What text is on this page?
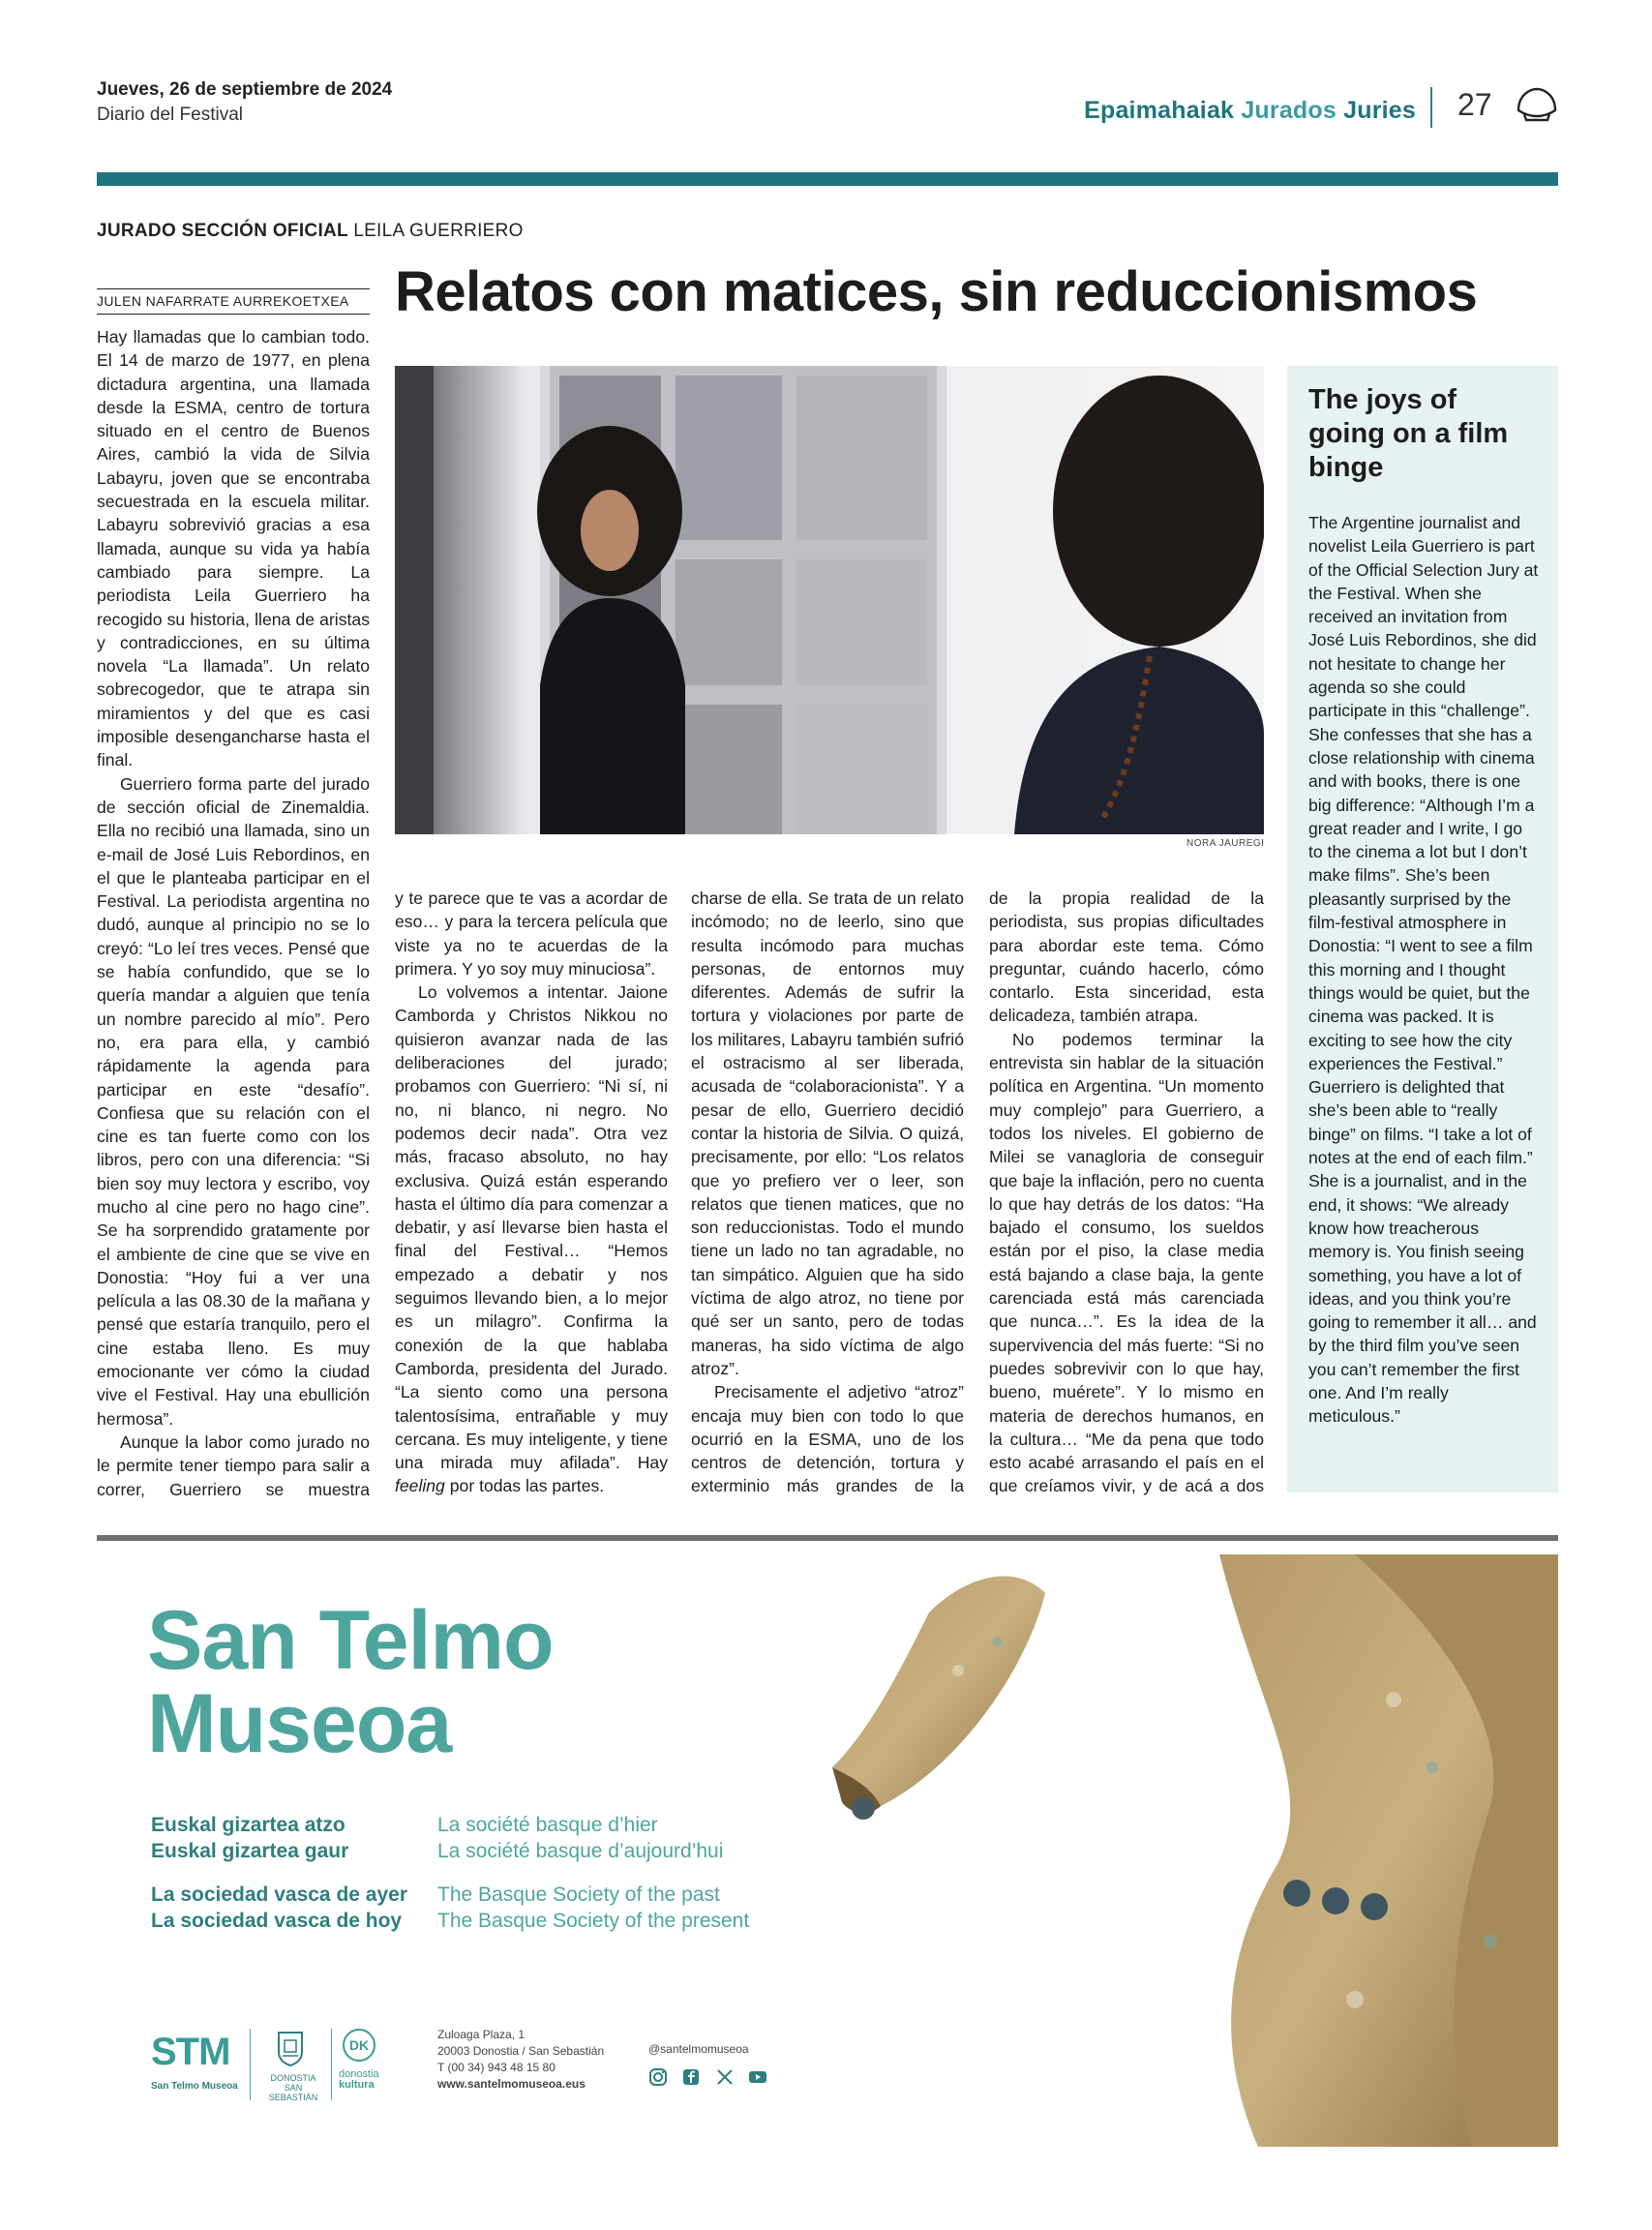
Jueves, 26 de septiembre de 2024
Diario del Festival	Epaimahaiak Jurados Juries 27
JURADO SECCIÓN OFICIAL LEILA GUERRIERO
JULEN NAFARRATE AURREKOETXEA Relatos con matices, sin reduccionismos
NORA JAUREGI

Hay llamadas que lo cambian todo. El 14 de marzo de 1977, en plena dictadura argentina, una llamada desde la ESMA, centro de tortura situado en el centro de Buenos Aires, cambió la vida de Silvia Labayru, joven que se encontraba secuestrada en la escuela militar. Labayru sobrevivió gracias a esa llamada, aunque su vida ya había cambiado para siempre. La periodista Leila Guerriero ha recogido su historia, llena de aristas y contradicciones, en su última novela “La llamada”. Un relato sobrecogedor, que te atrapa sin miramientos y del que es casi imposible desengancharse hasta el final.

Guerriero forma parte del jurado de sección oficial de Zinemaldia. Ella no recibió una llamada, sino un e-mail de José Luis Rebordinos, en el que le planteaba participar en el Festival. La periodista argentina no dudó, aunque al principio no se lo creyó: “Lo leí tres veces. Pensé que se había confundido, que se lo quería mandar a alguien que tenía un nombre parecido al mío”. Pero no, era para ella, y cambió rápidamente la agenda para participar en este “desafío”. Confiesa que su relación con el cine es tan fuerte como con los libros, pero con una diferencia: “Si bien soy muy lectora y escribo, voy mucho al cine pero no hago cine”. Se ha sorprendido gratamente por el ambiente de cine que se vive en Donostia: “Hoy fui a ver una película a las 08.30 de la mañana y pensé que estaría tranquilo, pero el cine estaba lleno. Es muy emocionante ver cómo la ciudad vive el Festival. Hay una ebullición hermosa”.

Aunque la labor como jurado no le permite tener tiempo para salir a correr, Guerriero se muestra

y te parece que te vas a acordar de eso… y para la tercera película que viste ya no te acuerdas de la primera. Y yo soy muy minuciosa”.

Lo volvemos a intentar. Jaione Camborda y Christos Nikkou no quisieron avanzar nada de las deliberaciones del jurado; probamos con Guerriero: “Ni sí, ni no, ni blanco, ni negro. No podemos decir nada”. Otra vez más, fracaso absoluto, no hay exclusiva. Quizá están esperando hasta el último día para comenzar a debatir, y así llevarse bien hasta el final del Festival… “Hemos empezado a debatir y nos seguimos llevando bien, a lo mejor es un milagro”. Confirma la conexión de la que hablaba Camborda, presidenta del Jurado. “La siento como una persona talentosísima, entrañable y muy cercana. Es muy inteligente, y tiene una mirada muy afilada”. Hay feeling por todas las partes.

charse de ella. Se trata de un relato incómodo; no de leerlo, sino que resulta incómodo para muchas personas, de entornos muy diferentes. Además de sufrir la tortura y violaciones por parte de los militares, Labayru también sufrió el ostracismo al ser liberada, acusada de “colaboracionista”. Y a pesar de ello, Guerriero decidió contar la historia de Silvia. O quizá, precisamente, por ello: “Los relatos que yo prefiero ver o leer, son relatos que tienen matices, que no son reduccionistas. Todo el mundo tiene un lado no tan agradable, no tan simpático. Alguien que ha sido víctima de algo atroz, no tiene por qué ser un santo, pero de todas maneras, ha sido víctima de algo atroz”.

Precisamente el adjetivo “atroz” encaja muy bien con todo lo que ocurrió en la ESMA, uno de los centros de detención, tortura y exterminio más grandes de la

de la propia realidad de la periodista, sus propias dificultades para abordar este tema. Cómo preguntar, cuándo hacerlo, cómo contarlo. Esta sinceridad, esta delicadeza, también atrapa.

No podemos terminar la entrevista sin hablar de la situación política en Argentina. “Un momento muy complejo” para Guerriero, a todos los niveles. El gobierno de Milei se vanagloria de conseguir que baje la inflación, pero no cuenta lo que hay detrás de los datos: “Ha bajado el consumo, los sueldos están por el piso, la clase media está bajando a clase baja, la gente carenciada está más carenciada que nunca…”. Es la idea de la supervivencia del más fuerte: “Si no puedes sobrevivir con lo que hay, bueno, muérete”. Y lo mismo en materia de derechos humanos, en la cultura… “Me da pena que todo esto acabé arrasando el país en el que creíamos vivir, y de acá a dos

The joys of going on a film binge

The Argentine journalist and novelist Leila Guerriero is part of the Official Selection Jury at the Festival. When she received an invitation from José Luis Rebordinos, she did not hesitate to change her agenda so she could participate in this “challenge”. She confesses that she has a close relationship with cinema and with books, there is one big difference: “Although I’m a great reader and I write, I go to the cinema a lot but I don’t make films”. She’s been pleasantly surprised by the film-festival atmosphere in Donostia: “I went to see a film this morning and I thought things would be quiet, but the cinema was packed. It is exciting to see how the city experiences the Festival.” Guerriero is delighted that she’s been able to “really binge” on films. “I take a lot of notes at the end of each film.” She is a journalist, and in the end, it shows: “We already know how treacherous memory is. You finish seeing something, you have a lot of ideas, and you think you’re going to remember it all… and by the third film you’ve seen you can’t remember the first one. And I’m really meticulous.”

San Telmo
Museoa
Euskal gizartea atzo
Euskal gizartea gaur
La sociedad vasca de ayer
La sociedad vasca de hoy
La société basque d’hier
La société basque d’aujourd’hui
The Basque Society of the past
The Basque Society of the present
STM
San Telmo Museoa
DONOSTIA
SAN SEBASTIÁN
DK
donostia
kultura
Zuloaga Plaza, 1
20003 Donostia / San Sebastián
T (00 34) 943 48 15 80
www.santelmomuseoa.eus
@santelmomuseoa
